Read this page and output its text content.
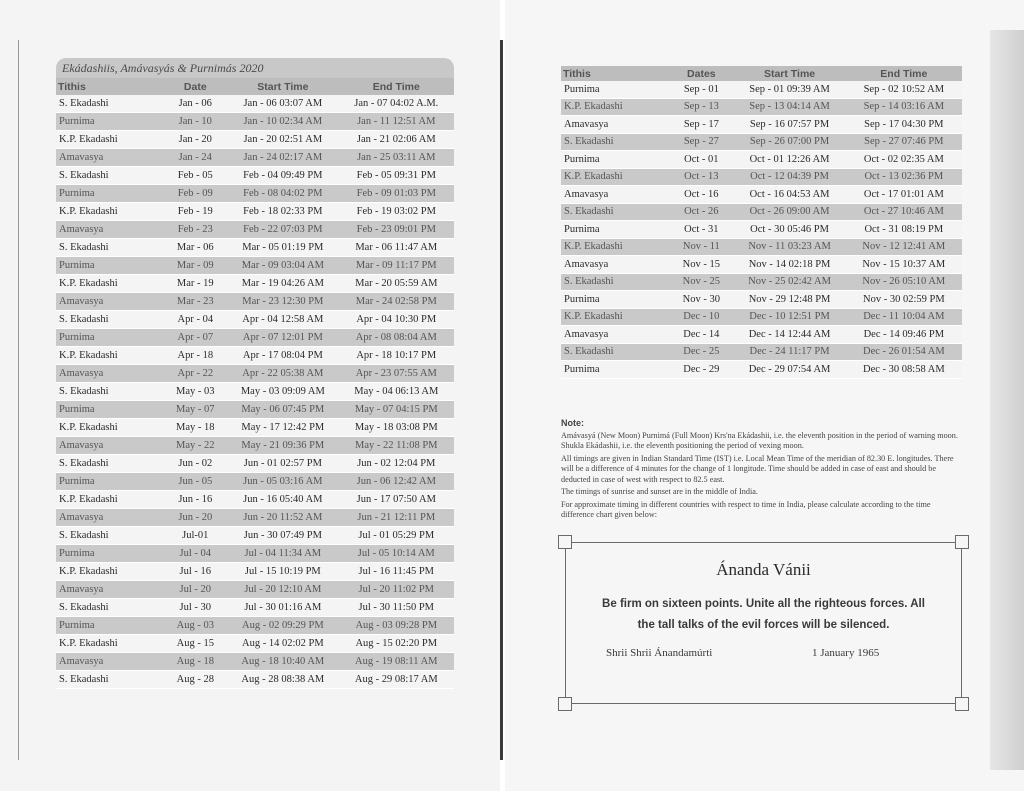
Ekádashiis, Amávasyás & Purnimás 2020
Tithis	Date	Start Time	End Time
S. Ekadashi	Jan - 06	Jan - 06 03:07 AM	Jan - 07 04:02 A.M.
Purnima	Jan - 10	Jan - 10 02:34 AM	Jan - 11 12:51 AM
K.P. Ekadashi	Jan - 20	Jan - 20 02:51 AM	Jan - 21 02:06 AM
Amavasya	Jan - 24	Jan - 24 02:17 AM	Jan - 25 03:11 AM
S. Ekadashi	Feb - 05	Feb - 04 09:49 PM	Feb - 05 09:31 PM
Purnima	Feb - 09	Feb - 08 04:02 PM	Feb - 09 01:03 PM
K.P. Ekadashi	Feb - 19	Feb - 18 02:33 PM	Feb - 19 03:02 PM
Amavasya	Feb - 23	Feb - 22 07:03 PM	Feb - 23 09:01 PM
S. Ekadashi	Mar - 06	Mar - 05 01:19 PM	Mar - 06 11:47 AM
Purnima	Mar - 09	Mar - 09 03:04 AM	Mar - 09 11:17 PM
K.P. Ekadashi	Mar - 19	Mar - 19 04:26 AM	Mar - 20 05:59 AM
Amavasya	Mar - 23	Mar - 23 12:30 PM	Mar - 24 02:58 PM
S. Ekadashi	Apr - 04	Apr - 04 12:58 AM	Apr - 04 10:30 PM
Purnima	Apr - 07	Apr - 07 12:01 PM	Apr - 08 08:04 AM
K.P. Ekadashi	Apr - 18	Apr - 17 08:04 PM	Apr - 18 10:17 PM
Amavasya	Apr - 22	Apr - 22 05:38 AM	Apr - 23 07:55 AM
S. Ekadashi	May - 03	May - 03 09:09 AM	May - 04 06:13 AM
Purnima	May - 07	May - 06 07:45 PM	May - 07 04:15 PM
K.P. Ekadashi	May - 18	May - 17 12:42 PM	May - 18 03:08 PM
Amavasya	May - 22	May - 21 09:36 PM	May - 22 11:08 PM
S. Ekadashi	Jun - 02	Jun - 01 02:57 PM	Jun - 02 12:04 PM
Purnima	Jun - 05	Jun - 05 03:16 AM	Jun - 06 12:42 AM
K.P. Ekadashi	Jun - 16	Jun - 16 05:40 AM	Jun - 17 07:50 AM
Amavasya	Jun - 20	Jun - 20 11:52 AM	Jun - 21 12:11 PM
S. Ekadashi	Jul-01	Jun - 30 07:49 PM	Jul - 01 05:29 PM
Purnima	Jul - 04	Jul - 04 11:34 AM	Jul - 05 10:14 AM
K.P. Ekadashi	Jul - 16	Jul - 15 10:19 PM	Jul - 16 11:45 PM
Amavasya	Jul - 20	Jul - 20 12:10 AM	Jul - 20 11:02 PM
S. Ekadashi	Jul - 30	Jul - 30 01:16 AM	Jul - 30 11:50 PM
Purnima	Aug - 03	Aug - 02 09:29 PM	Aug - 03 09:28 PM
K.P. Ekadashi	Aug - 15	Aug - 14 02:02 PM	Aug - 15 02:20 PM
Amavasya	Aug - 18	Aug - 18 10:40 AM	Aug - 19 08:11 AM
S. Ekadashi	Aug - 28	Aug - 28 08:38 AM	Aug - 29 08:17 AM
Tithis	Dates	Start Time	End Time
Purnima	Sep - 01	Sep - 01 09:39 AM	Sep - 02 10:52 AM
K.P. Ekadashi	Sep - 13	Sep - 13 04:14 AM	Sep - 14 03:16 AM
Amavasya	Sep - 17	Sep - 16 07:57 PM	Sep - 17 04:30 PM
S. Ekadashi	Sep - 27	Sep - 26 07:00 PM	Sep - 27 07:46 PM
Purnima	Oct - 01	Oct - 01 12:26 AM	Oct - 02 02:35 AM
K.P. Ekadashi	Oct - 13	Oct - 12 04:39 PM	Oct - 13 02:36 PM
Amavasya	Oct - 16	Oct - 16 04:53 AM	Oct - 17 01:01 AM
S. Ekadashi	Oct - 26	Oct - 26 09:00 AM	Oct - 27 10:46 AM
Purnima	Oct - 31	Oct - 30 05:46 PM	Oct - 31 08:19 PM
K.P. Ekadashi	Nov - 11	Nov - 11 03:23 AM	Nov - 12 12:41 AM
Amavasya	Nov - 15	Nov - 14 02:18 PM	Nov - 15 10:37 AM
S. Ekadashi	Nov - 25	Nov - 25 02:42 AM	Nov - 26 05:10 AM
Purnima	Nov - 30	Nov - 29 12:48 PM	Nov - 30 02:59 PM
K.P. Ekadashi	Dec - 10	Dec - 10 12:51 PM	Dec - 11 10:04 AM
Amavasya	Dec - 14	Dec - 14 12:44 AM	Dec - 14 09:46 PM
S. Ekadashi	Dec - 25	Dec - 24 11:17 PM	Dec - 26 01:54 AM
Purnima	Dec - 29	Dec - 29 07:54 AM	Dec - 30 08:58 AM
Note:

Amávasyá (New Moon) Purnimá (Full Moon) Krs'na Ekádashii, i.e. the eleventh position in the period of warning moon. Shukla Ekádashii, i.e. the eleventh positioning the period of vexing moon.

All timings are given in Indian Standard Time (IST) i.e. Local Mean Time of the meridian of 82.30 E. longitudes. There will be a difference of 4 minutes for the change of 1 longitude. Time should be added in case of east and should be deducted in case of west with respect to 82.5 east.

The timings of sunrise and sunset are in the middle of India.

For approximate timing in different countries with respect to time in India, please calculate according to the time difference chart given below:

Ánanda Vánii
Be firm on sixteen points. Unite all the righteous forces. All
the tall talks of the evil forces will be silenced.
Shrii Shrii Ánandamúrti	1 January 1965
